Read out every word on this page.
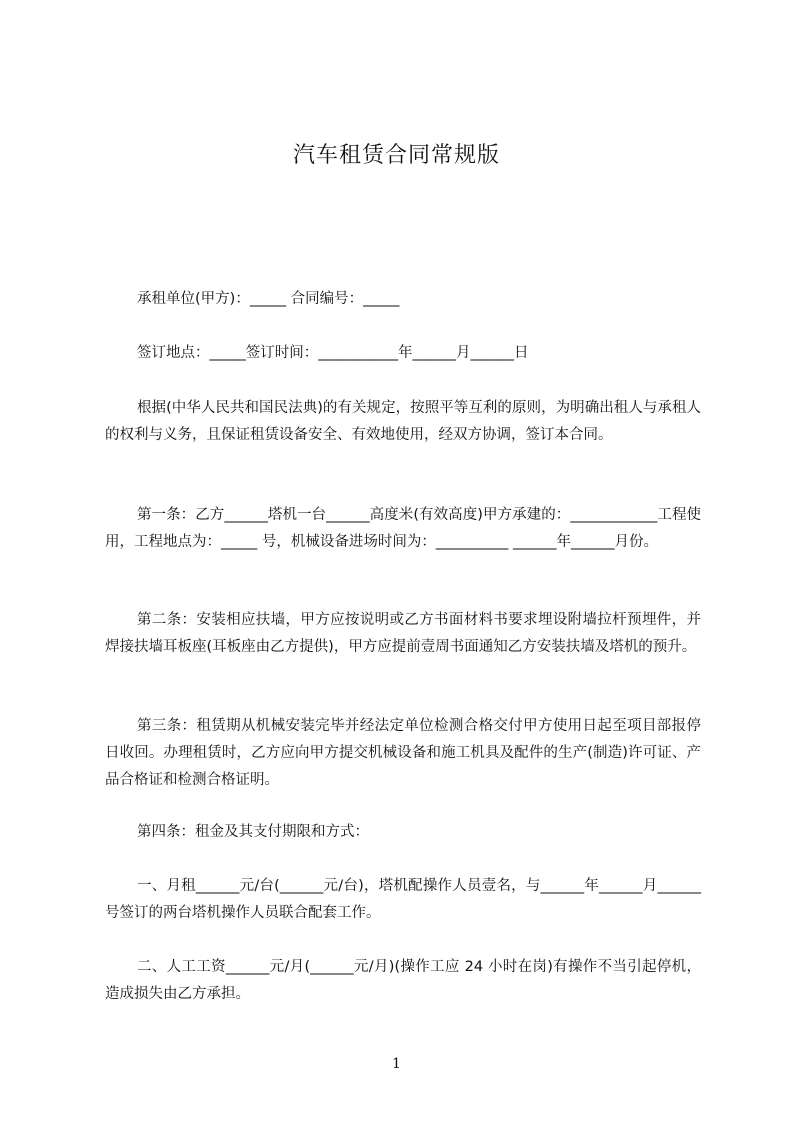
汽车租赁合同常规版

承租单位(甲方)：_____ 合同编号：_____

签订地点：_____签订时间：___________年______月______日

根据(中华人民共和国民法典)的有关规定，按照平等互利的原则，为明确出租人与承租人的权利与义务，且保证租赁设备安全、有效地使用，经双方协调，签订本合同。

第一条：乙方______塔机一台______高度米(有效高度)甲方承建的：____________工程使用，工程地点为：_____ 号，机械设备进场时间为：__________ ______年______月份。

第二条：安装相应扶墙，甲方应按说明或乙方书面材料书要求埋设附墙拉杆预埋件，并焊接扶墙耳板座(耳板座由乙方提供)，甲方应提前壹周书面通知乙方安装扶墙及塔机的预升。

第三条：租赁期从机械安装完毕并经法定单位检测合格交付甲方使用日起至项目部报停日收回。办理租赁时，乙方应向甲方提交机械设备和施工机具及配件的生产(制造)许可证、产品合格证和检测合格证明。

第四条：租金及其支付期限和方式：

一、月租______元/台(______元/台)，塔机配操作人员壹名，与______年______月______号签订的两台塔机操作人员联合配套工作。

二、人工工资______元/月(______元/月)(操作工应 24 小时在岗)有操作不当引起停机，造成损失由乙方承担。

1
